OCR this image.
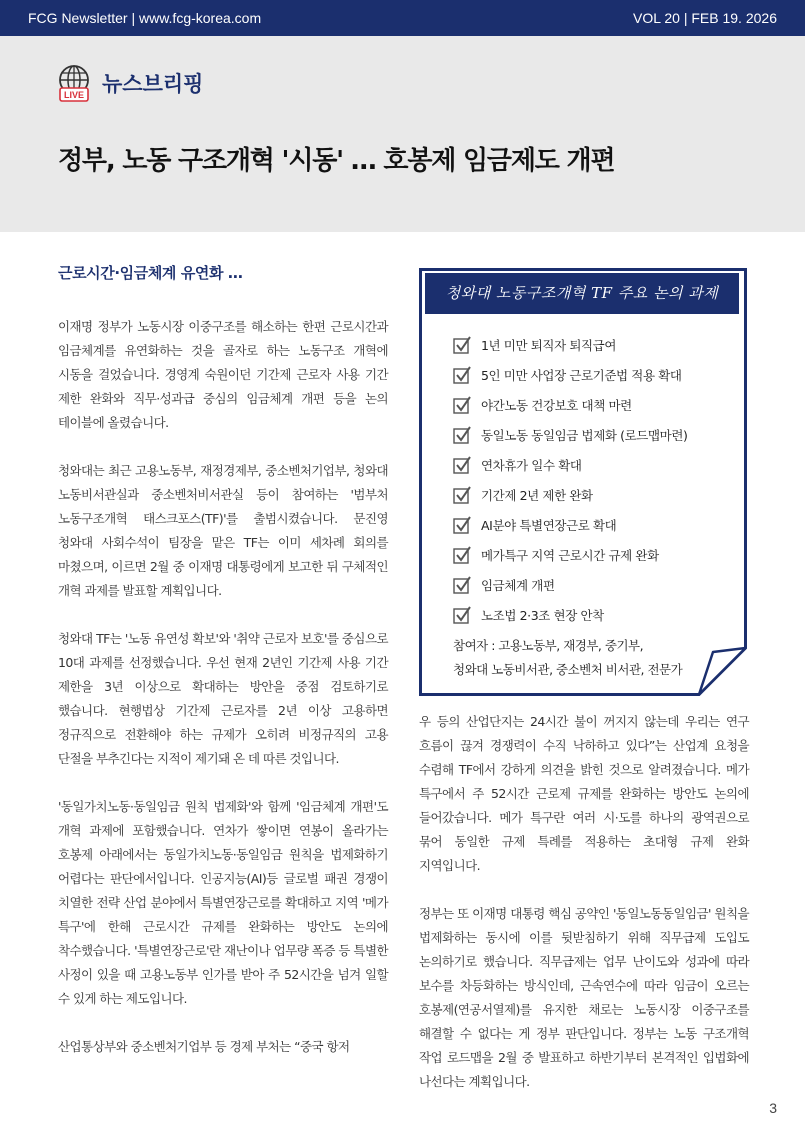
FCG Newsletter | www.fcg-korea.com	VOL 20 | FEB 19. 2026
LIVE 뉴스브리핑
정부, 노동 구조개혁 '시동' … 호봉제 임금제도 개편
근로시간·임금체계 유연화 …

이재명 정부가 노동시장 이중구조를 해소하는 한편 근로시간과 임금체계를 유연화하는 것을 골자로 하는 노동구조 개혁에 시동을 걸었습니다. 경영계 숙원이던 기간제 근로자 사용 기간 제한 완화와 직무·성과급 중심의 임금체계 개편 등을 논의 테이블에 올렸습니다.

청와대는 최근 고용노동부, 재정경제부, 중소벤처기업부, 청와대 노동비서관실과 중소벤처비서관실 등이 참여하는 '범부처 노동구조개혁 태스크포스(TF)'를 출범시켰습니다. 문진영 청와대 사회수석이 팀장을 맡은 TF는 이미 세차례 회의를 마쳤으며, 이르면 2월 중 이재명 대통령에게 보고한 뒤 구체적인 개혁 과제를 발표할 계획입니다.

청와대 TF는 '노동 유연성 확보'와 '취약 근로자 보호'를 중심으로 10대 과제를 선정했습니다. 우선 현재 2년인 기간제 사용 기간 제한을 3년 이상으로 확대하는 방안을 중점 검토하기로 했습니다. 현행법상 기간제 근로자를 2년 이상 고용하면 정규직으로 전환해야 하는 규제가 오히려 비정규직의 고용 단절을 부추긴다는 지적이 제기돼 온 데 따른 것입니다.

'동일가치노동·동일임금 원칙 법제화'와 함께 '임금체계 개편'도 개혁 과제에 포함했습니다. 연차가 쌓이면 연봉이 올라가는 호봉제 아래에서는 동일가치노동·동일임금 원칙을 법제화하기 어렵다는 판단에서입니다. 인공지능(AI)등 글로벌 패권 경쟁이 치열한 전략 산업 분야에서 특별연장근로를 확대하고 지역 '메가 특구'에 한해 근로시간 규제를 완화하는 방안도 논의에 착수했습니다. '특별연장근로'란 재난이나 업무량 폭증 등 특별한 사정이 있을 때 고용노동부 인가를 받아 주 52시간을 넘겨 일할 수 있게 하는 제도입니다.

산업통상부와 중소벤처기업부 등 경제 부처는 “중국 항저

청와대 노동구조개혁 TF 주요 논의 과제
1년 미만 퇴직자 퇴직급여
5인 미만 사업장 근로기준법 적용 확대
야간노동 건강보호 대책 마련
동일노동 동일임금 법제화 (로드맵마련)
연차휴가 일수 확대
기간제 2년 제한 완화
AI분야 특별연장근로 확대
메가특구 지역 근로시간 규제 완화
임금체계 개편
노조법 2·3조 현장 안착
참여자 : 고용노동부, 재경부, 중기부,
청와대 노동비서관, 중소벤처 비서관, 전문가

우 등의 산업단지는 24시간 불이 꺼지지 않는데 우리는 연구 흐름이 끊겨 경쟁력이 수직 낙하하고 있다”는 산업계 요청을 수렴해 TF에서 강하게 의견을 밝힌 것으로 알려졌습니다. 메가 특구에서 주 52시간 근로제 규제를 완화하는 방안도 논의에 들어갔습니다. 메가 특구란 여러 시·도를 하나의 광역권으로 묶어 동일한 규제 특례를 적용하는 초대형 규제 완화 지역입니다.

정부는 또 이재명 대통령 핵심 공약인 '동일노동동일임금' 원칙을 법제화하는 동시에 이를 뒷받침하기 위해 직무급제 도입도 논의하기로 했습니다. 직무급제는 업무 난이도와 성과에 따라 보수를 차등화하는 방식인데, 근속연수에 따라 임금이 오르는 호봉제(연공서열제)를 유지한 채로는 노동시장 이중구조를 해결할 수 없다는 게 정부 판단입니다. 정부는 노동 구조개혁 작업 로드맵을 2월 중 발표하고 하반기부터 본격적인 입법화에 나선다는 계획입니다.

3
